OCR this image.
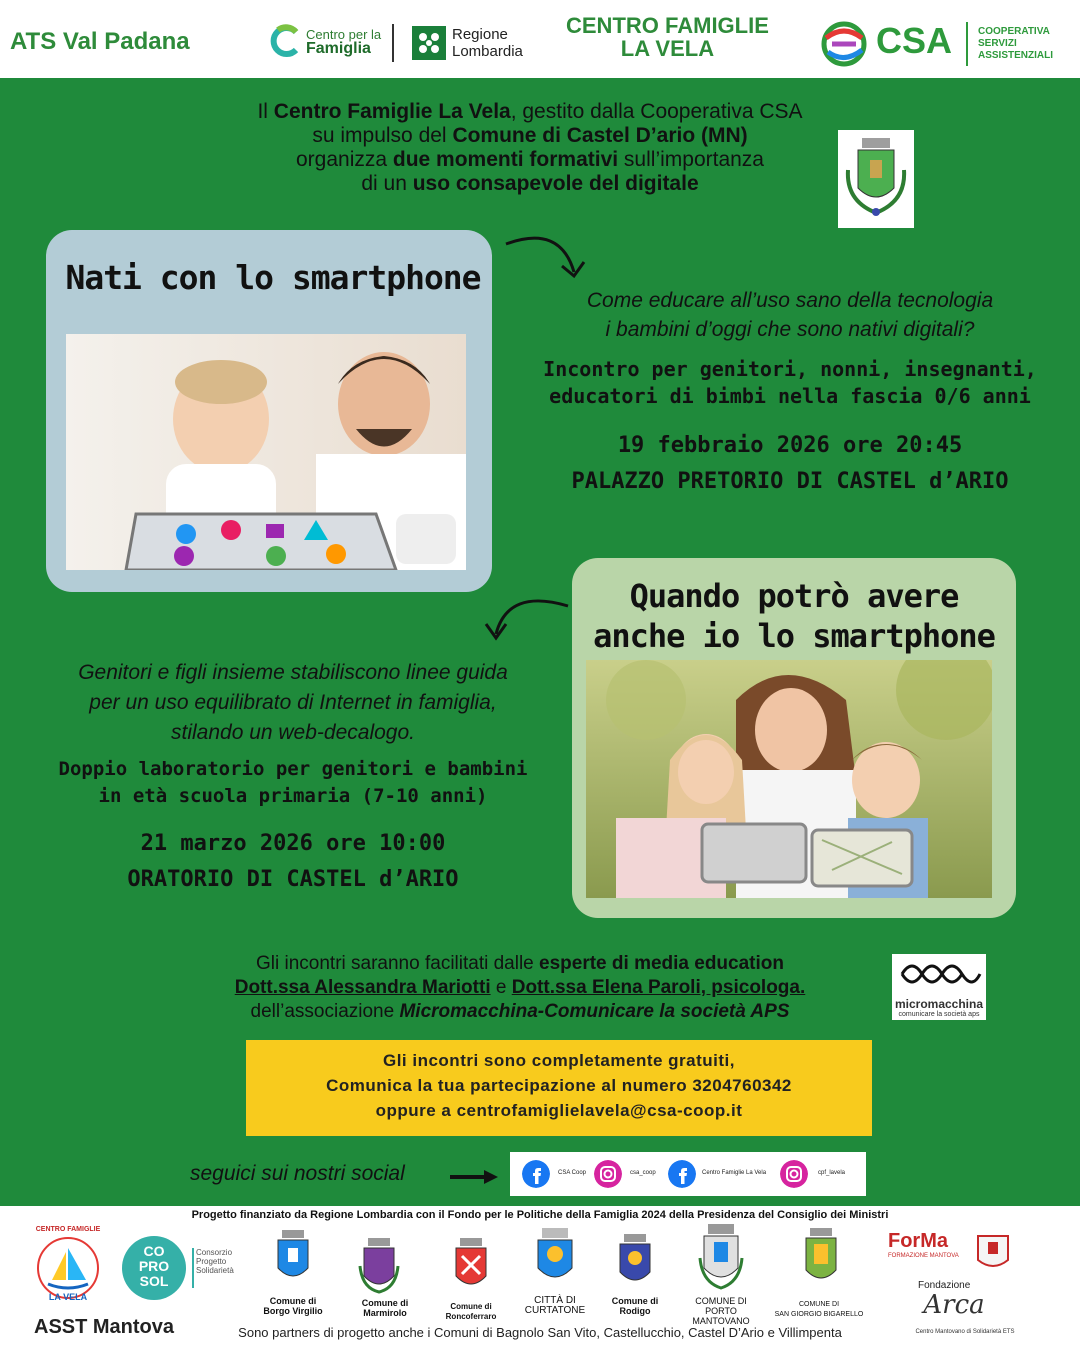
ATS Val Padana	Centro per la
Famiglia
Regione
Lombardia
CENTRO FAMIGLIE
LA VELA	CSA	COOPERATIVA
SERVIZI
ASSISTENZIALI
Il Centro Famiglie La Vela, gestito dalla Cooperativa CSA
su impulso del Comune di Castel D’ario (MN)
organizza due momenti formativi sull’importanza
di un uso consapevole del digitale
Nati con lo smartphone
Come educare all’uso sano della tecnologia
i bambini d’oggi che sono nativi digitali?
Incontro per genitori, nonni, insegnanti,
educatori di bimbi nella fascia 0/6 anni
19 febbraio 2026 ore 20:45
PALAZZO PRETORIO DI CASTEL d’ARIO
Quando potrò avere
anche io lo smartphone
Genitori e figli insieme stabiliscono linee guida
per un uso equilibrato di Internet in famiglia,
stilando un web-decalogo.
Doppio laboratorio per genitori e bambini
in età scuola primaria (7-10 anni)
21 marzo 2026 ore 10:00
ORATORIO DI CASTEL d’ARIO
Gli incontri saranno facilitati dalle esperte di media education
Dott.ssa Alessandra Mariotti e Dott.ssa Elena Paroli, psicologa.
dell’associazione Micromacchina-Comunicare la società APS	micromacchina
comunicare la società aps
Gli incontri sono completamente gratuiti,
Comunica la tua partecipazione al numero 3204760342
oppure a centrofamiglielavela@csa-coop.it
seguici sui nostri social	CSA Coop	csa_coop	Centro Famiglie La Vela	cpf_lavela
Progetto finanziato da Regione Lombardia con il Fondo per le Politiche della Famiglia 2024 della Presidenza del Consiglio dei Ministri
CENTRO FAMIGLIE
LA VELA
ASST Mantova
CO
PRO
SOL
Consorzio
Progetto
Solidarietà
Comune di
Borgo Virgilio
Comune di
Marmirolo
Comune di
Roncoferraro
CITTÀ DI
CURTATONE
Comune di
Rodigo
COMUNE DI
PORTO MANTOVANO
COMUNE DI
SAN GIORGIO BIGARELLO
ForMa
FORMAZIONE MANTOVA
Fondazione
Arca
Centro Mantovano di Solidarietà ETS
Sono partners di progetto anche i Comuni di Bagnolo San Vito, Castellucchio, Castel D’Ario e Villimpenta
